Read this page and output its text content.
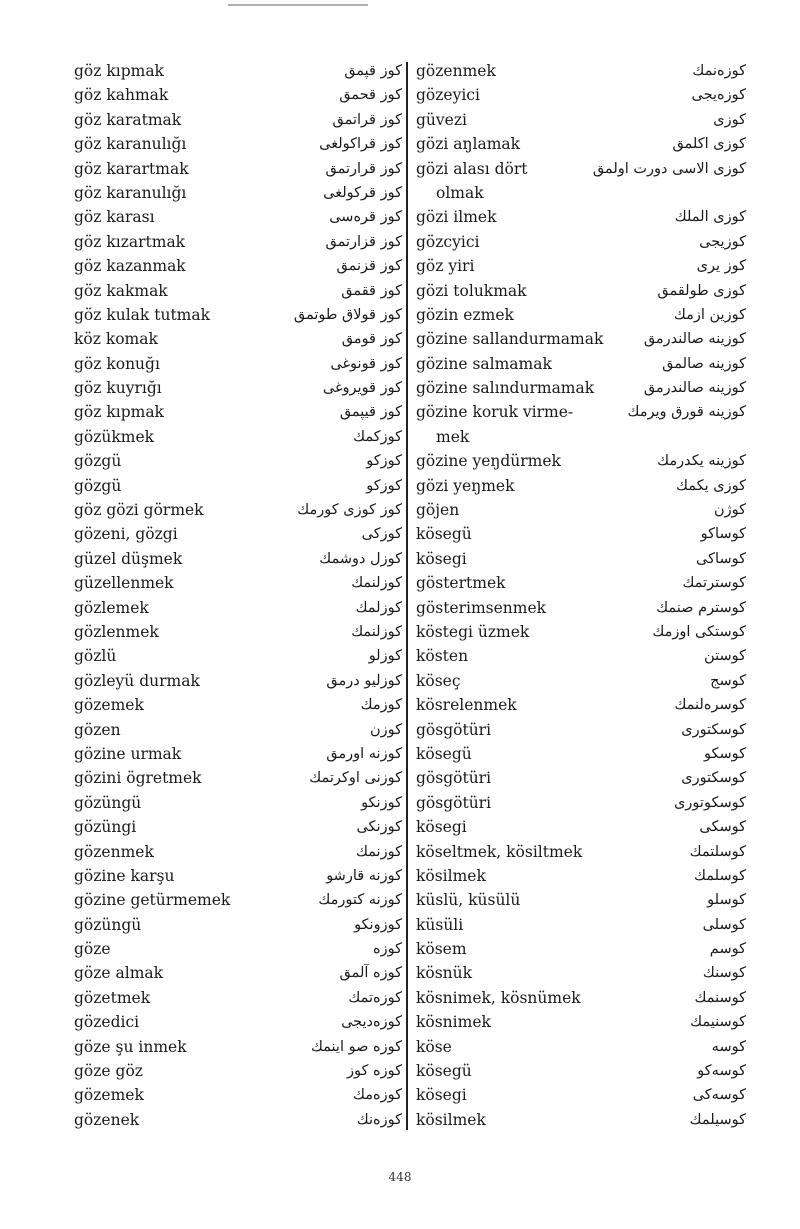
göz kıpmak	كوز قپمق
göz kahmak	كوز قحمق
göz karatmak	كوز قراتمق
göz karanulığı	كوز قراكولغی
göz karartmak	كوز قرارتمق
göz karanulığı	كوز قركولغی
göz karası	كوز قره‌سی
göz kızartmak	كوز قزارتمق
göz kazanmak	كوز قزنمق
göz kakmak	كوز ققمق
göz kulak tutmak	كوز قولاق طوتمق
köz komak	كوز قومق
göz konuğı	كوز قونوغی
göz kuyrığı	كوز قویروغی
göz kıpmak	كوز قیپمق
gözükmek	كوزكمك
gözgü	كوزكو
gözgü	كوزكو
göz gözi görmek	كوز كوزی كورمك
gözeni, gözgi	كوزكی
güzel düşmek	كوزل دوشمك
güzellenmek	كوزلنمك
gözlemek	كوزلمك
gözlenmek	كوزلنمك
gözlü	كوزلو
gözleyü durmak	كوزلیو درمق
gözemek	كوزمك
gözen	كوزن
gözine urmak	كوزنه اورمق
gözini ögretmek	كوزنی اوكرتمك
gözüngü	كوزنكو
gözüngi	كوزنكی
gözenmek	كوزنمك
gözine karşu	كوزنه قارشو
gözine getürmemek	كوزنه كتورمك
gözüngü	كوزونكو
göze	كوزه
göze almak	كوزه آلمق
gözetmek	كوزه‌تمك
gözedici	كوزه‌دیجی
göze şu inmek	كوزه صو اینمك
göze göz	كوزه كوز
gözemek	كوزه‌مك
gözenek	كوزه‌نك
gözenmek	كوزه‌نمك
gözeyici	كوزه‌یجی
güvezi	كوزی
gözi aŋlamak	كوزی اكلمق
gözi alası dört	كوزی الاسی دورت اولمق
olmak
gözi ilmek	كوزی الملك
gözcyici	كوزیجی
göz yiri	كوز یری
gözi tolukmak	كوزی طولقمق
gözin ezmek	كوزین ازمك
gözine sallandurmamak	كوزینه صالندرمق
gözine salmamak	كوزینه صالمق
gözine salındurmamak	كوزینه صالندرمق
gözine koruk virme-	كوزینه قورق ویرمك
mek
gözine yeŋdürmek	كوزینه یكدرمك
gözi yeŋmek	كوزی یكمك
göjen	كوژن
kösegü	كوساكو
kösegi	كوساكی
göstertmek	كوسترتمك
gösterimsenmek	كوسترم صنمك
köstegi üzmek	كوستكی اوزمك
kösten	كوستن
köseç	كوسج
kösrelenmek	كوسره‌لنمك
gösgötüri	كوسكتوری
kösegü	كوسكو
gösgötüri	كوسكتوری
gösgötüri	كوسكوتوری
kösegi	كوسكی
köseltmek, kösiltmek	كوسلتمك
kösilmek	كوسلمك
küslü, küsülü	كوسلو
küsüli	كوسلی
kösem	كوسم
kösnük	كوسنك
kösnimek, kösnümek	كوسنمك
kösnimek	كوسنیمك
köse	كوسه
kösegü	كوسه‌كو
kösegi	كوسه‌كی
kösilmek	كوسیلمك
448
